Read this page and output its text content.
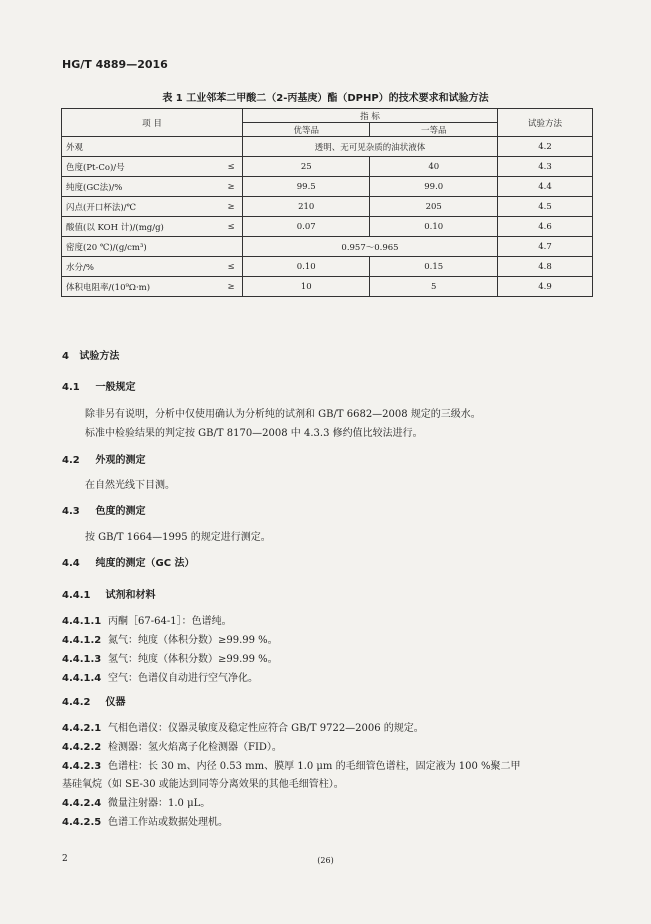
HG/T 4889—2016
表 1 工业邻苯二甲酸二（2-丙基庚）酯（DPHP）的技术要求和试验方法
项 目		指 标		试验方法
		优等品	一等品	
外观		透明、无可见杂质的油状液体		4.2
色度(Pt-Co)/号	≤	25	40	4.3
纯度(GC法)/%	≥	99.5	99.0	4.4
闪点(开口杯法)/℃	≥	210	205	4.5
酸值(以 KOH 计)/(mg/g)	≤	0.07	0.10	4.6
密度(20 ℃)/(g/cm³)		0.957～0.965		4.7
水分/%	≤	0.10	0.15	4.8
体积电阻率/(10⁹Ω·m)	≥	10	5	4.9
4 试验方法
4.1 一般规定
除非另有说明，分析中仅使用确认为分析纯的试剂和 GB/T 6682—2008 规定的三级水。
标准中检验结果的判定按 GB/T 8170—2008 中 4.3.3 修约值比较法进行。
4.2 外观的测定
在自然光线下目测。
4.3 色度的测定
按 GB/T 1664—1995 的规定进行测定。
4.4 纯度的测定（GC 法）
4.4.1 试剂和材料
4.4.1.1 丙酮［67-64-1］：色谱纯。
4.4.1.2 氮气：纯度（体积分数）≥99.99 %。
4.4.1.3 氢气：纯度（体积分数）≥99.99 %。
4.4.1.4 空气：色谱仪自动进行空气净化。
4.4.2 仪器
4.4.2.1 气相色谱仪：仪器灵敏度及稳定性应符合 GB/T 9722—2006 的规定。
4.4.2.2 检测器：氢火焰离子化检测器（FID）。
4.4.2.3 色谱柱：长 30 m、内径 0.53 mm、膜厚 1.0 μm 的毛细管色谱柱，固定液为 100 %聚二甲
基硅氧烷（如 SE-30 或能达到同等分离效果的其他毛细管柱）。
4.4.2.4 微量注射器：1.0 μL。
4.4.2.5 色谱工作站或数据处理机。
2	(26)
